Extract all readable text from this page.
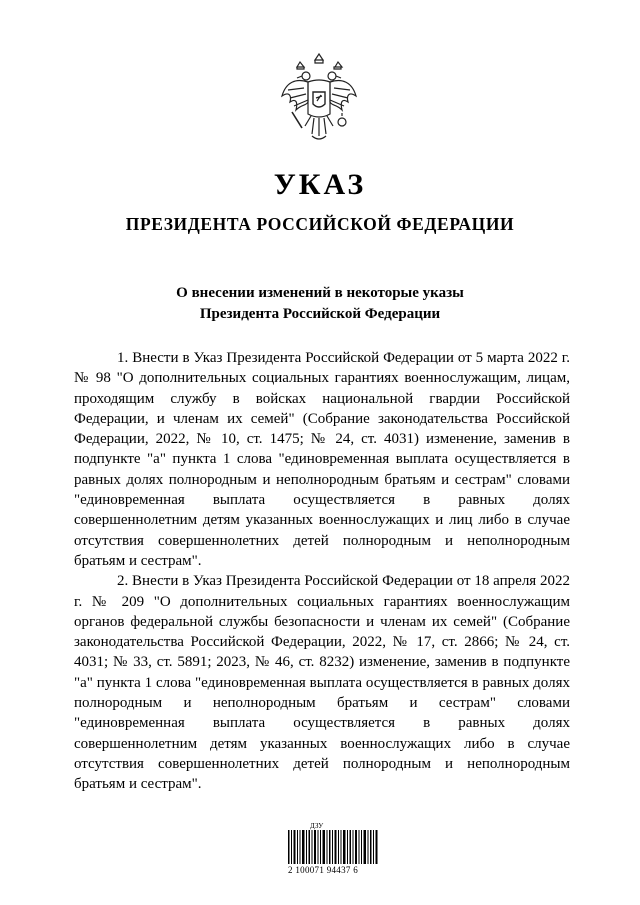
УКАЗ
ПРЕЗИДЕНТА РОССИЙСКОЙ ФЕДЕРАЦИИ
О внесении изменений в некоторые указы
Президента Российской Федерации

1. Внести в Указ Президента Российской Федерации от 5 марта 2022 г. № 98 "О дополнительных социальных гарантиях военнослужащим, лицам, проходящим службу в войсках национальной гвардии Российской Федерации, и членам их семей" (Собрание законодательства Российской Федерации, 2022, № 10, ст. 1475; № 24, ст. 4031) изменение, заменив в подпункте "а" пункта 1 слова "единовременная выплата осуществляется в равных долях полнородным и неполнородным братьям и сестрам" словами "единовременная выплата осуществляется в равных долях совершеннолетним детям указанных военнослужащих и лиц либо в случае отсутствия совершеннолетних детей полнородным и неполнородным братьям и сестрам".

2. Внести в Указ Президента Российской Федерации от 18 апреля 2022 г. № 209 "О дополнительных социальных гарантиях военнослужащим органов федеральной службы безопасности и членам их семей" (Собрание законодательства Российской Федерации, 2022, № 17, ст. 2866; № 24, ст. 4031; № 33, ст. 5891; 2023, № 46, ст. 8232) изменение, заменив в подпункте "а" пункта 1 слова "единовременная выплата осуществляется в равных долях полнородным и неполнородным братьям и сестрам" словами "единовременная выплата осуществляется в равных долях совершеннолетним детям указанных военнослужащих либо в случае отсутствия совершеннолетних детей полнородным и неполнородным братьям и сестрам".

ДЗУ
2 100071 94437 6
